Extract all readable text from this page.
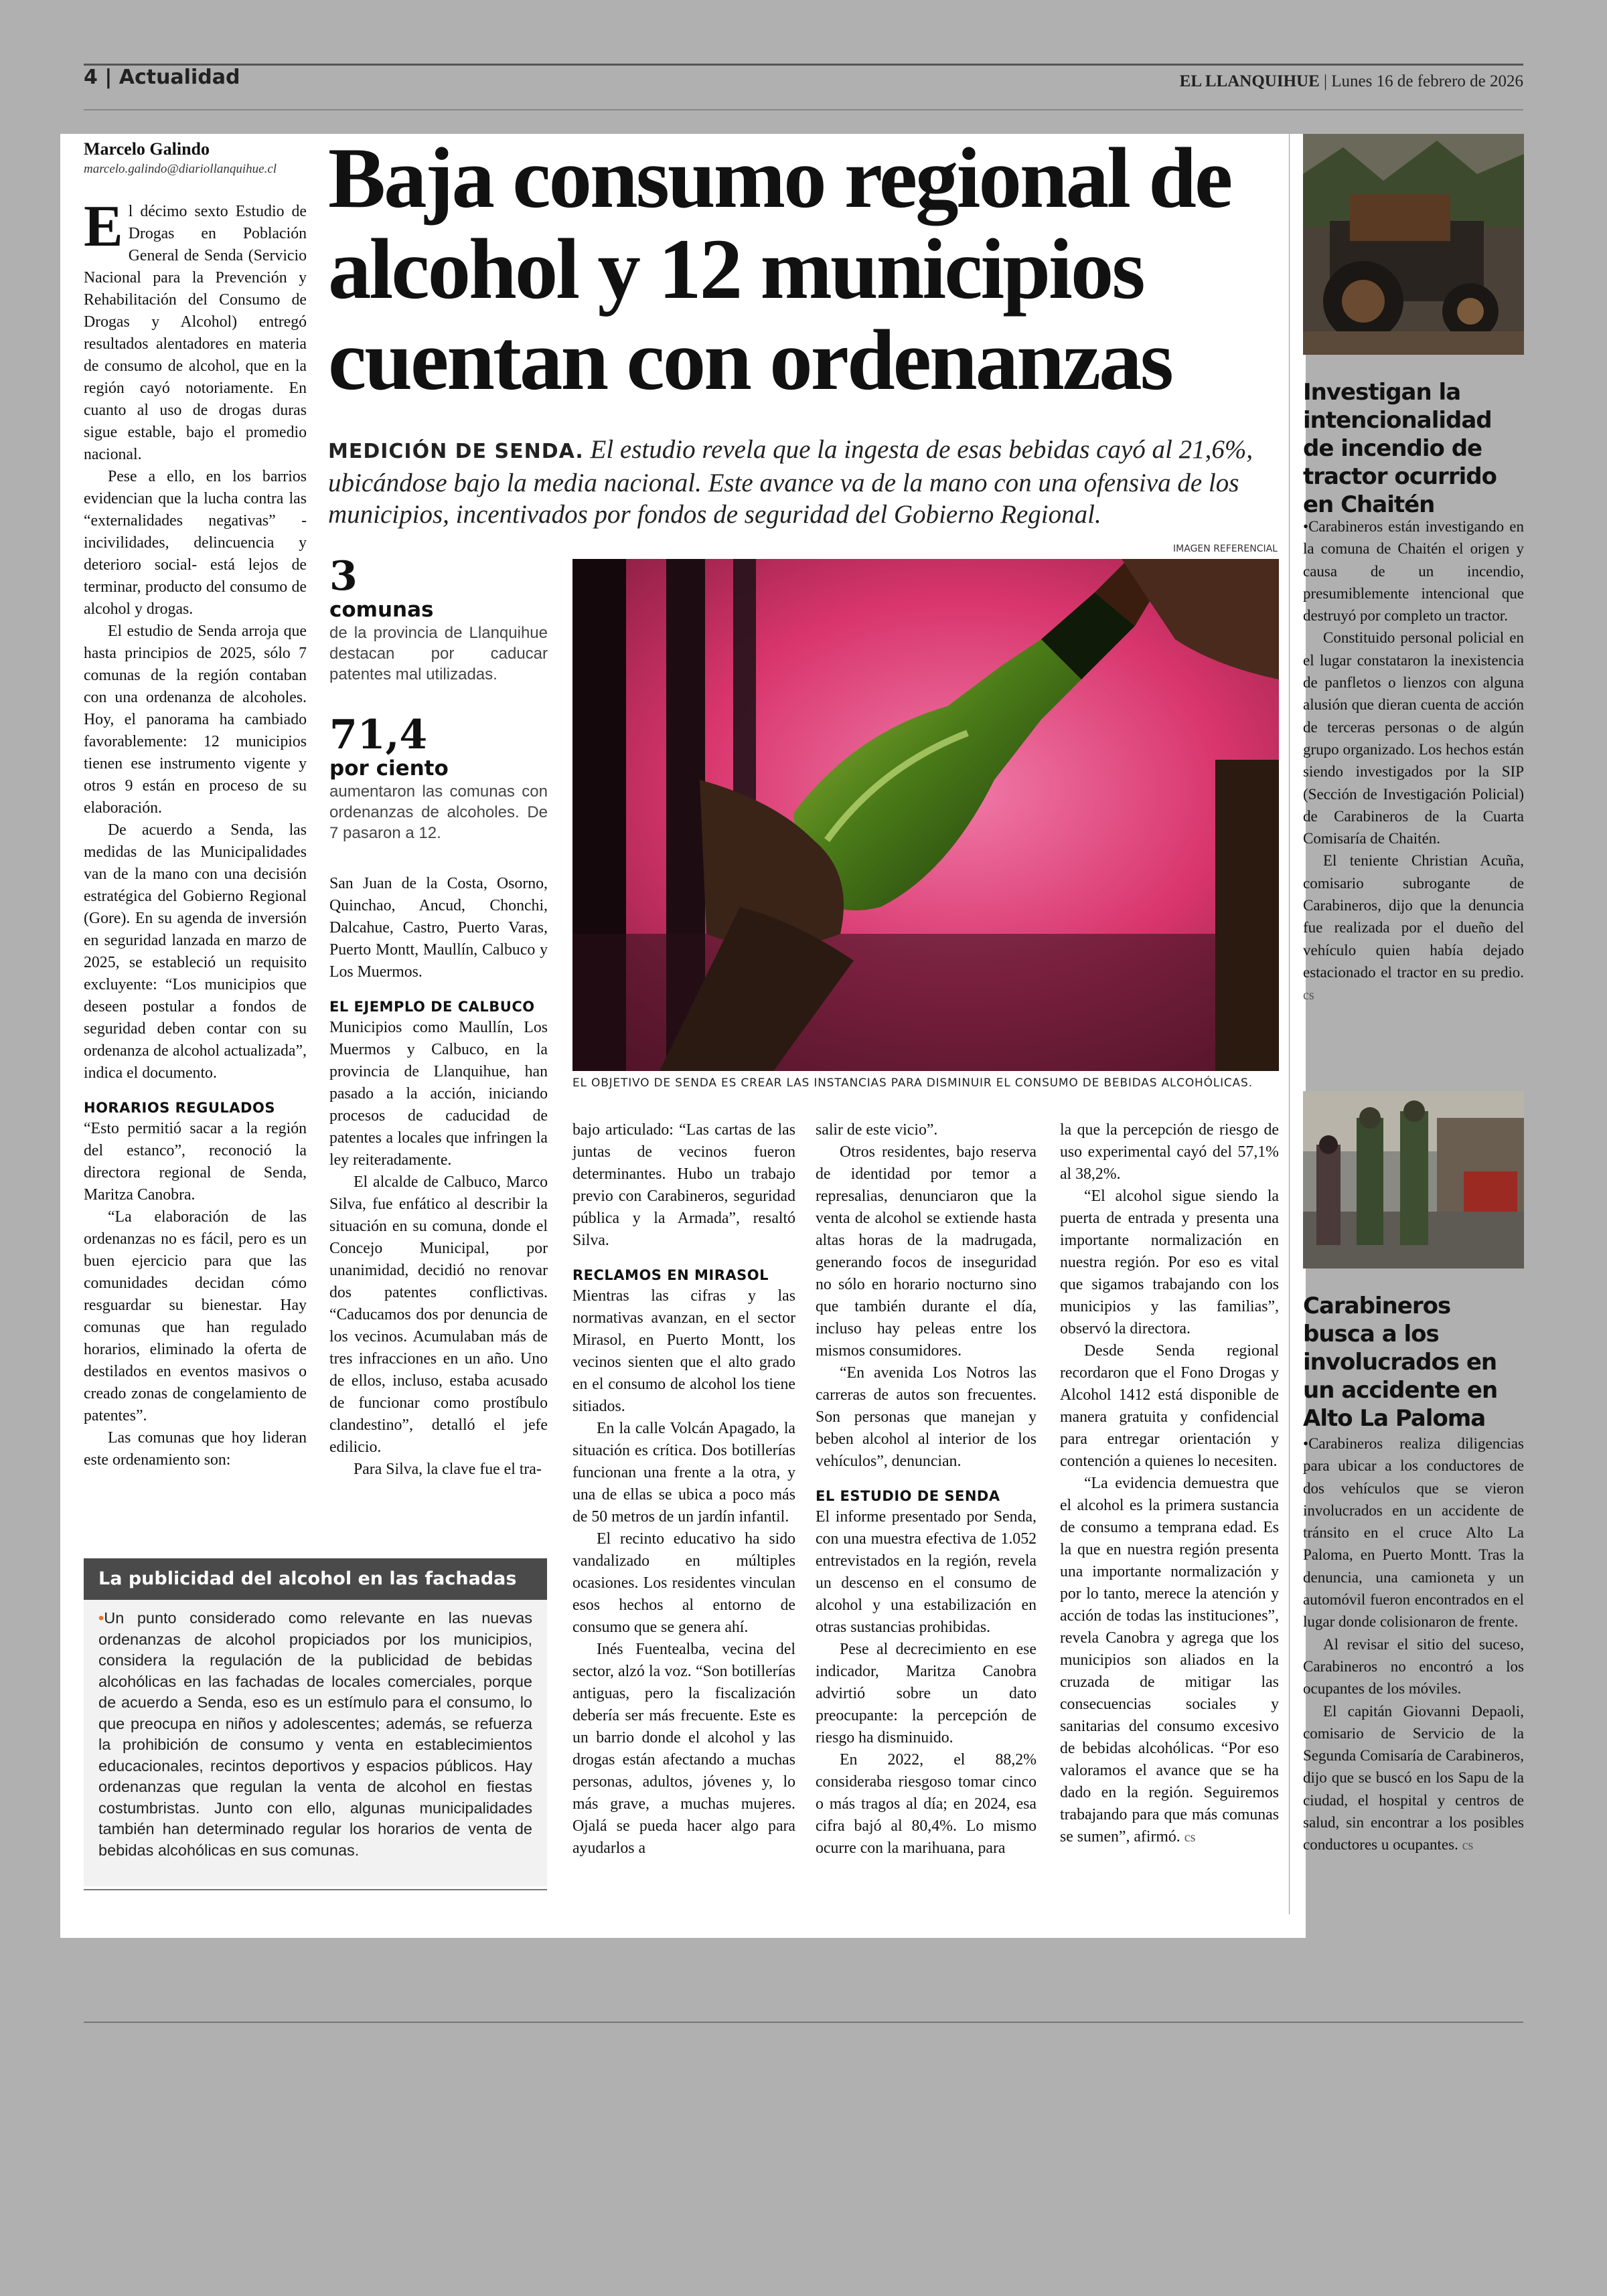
4 | Actualidad	EL LLANQUIHUE | Lunes 16 de febrero de 2026
Marcelo Galindo
marcelo.galindo@diariollanquihue.cl Baja consumo regional de alcohol y 12 municipios cuentan con ordenanzas
MEDICIÓN DE SENDA. El estudio revela que la ingesta de esas bebidas cayó al 21,6%, ubicándose bajo la media nacional. Este avance va de la mano con una ofensiva de los municipios, incentivados por fondos de seguridad del Gobierno Regional.

El décimo sexto Estudio de Drogas en Población General de Senda (Servicio Nacional para la Prevención y Rehabilitación del Consumo de Drogas y Alcohol) entregó resultados alentadores en materia de consumo de alcohol, que en la región cayó notoriamente. En cuanto al uso de drogas duras sigue estable, bajo el promedio nacional.

Pese a ello, en los barrios evidencian que la lucha contra las “externalidades negativas” -incivilidades, delincuencia y deterioro social- está lejos de terminar, producto del consumo de alcohol y drogas.

El estudio de Senda arroja que hasta principios de 2025, sólo 7 comunas de la región contaban con una ordenanza de alcoholes. Hoy, el panorama ha cambiado favorablemente: 12 municipios tienen ese instrumento vigente y otros 9 están en proceso de su elaboración.

De acuerdo a Senda, las medidas de las Municipalidades van de la mano con una decisión estratégica del Gobierno Regional (Gore). En su agenda de inversión en seguridad lanzada en marzo de 2025, se estableció un requisito excluyente: “Los municipios que deseen postular a fondos de seguridad deben contar con su ordenanza de alcohol actualizada”, indica el documento.

HORARIOS REGULADOS

“Esto permitió sacar a la región del estanco”, reconoció la directora regional de Senda, Maritza Canobra.

“La elaboración de las ordenanzas no es fácil, pero es un buen ejercicio para que las comunidades decidan cómo resguardar su bienestar. Hay comunas que han regulado horarios, eliminado la oferta de destilados en eventos masivos o creado zonas de congelamiento de patentes”.

Las comunas que hoy lideran este ordenamiento son:

3
comunas
de la provincia de Llanquihue destacan por caducar patentes mal utilizadas.
71,4
por ciento
aumentaron las comunas con ordenanzas de alcoholes. De 7 pasaron a 12.

San Juan de la Costa, Osorno, Quinchao, Ancud, Chonchi, Dalcahue, Castro, Puerto Varas, Puerto Montt, Maullín, Calbuco y Los Muermos.

EL EJEMPLO DE CALBUCO

Municipios como Maullín, Los Muermos y Calbuco, en la provincia de Llanquihue, han pasado a la acción, iniciando procesos de caducidad de patentes a locales que infringen la ley reiteradamente.

El alcalde de Calbuco, Marco Silva, fue enfático al describir la situación en su comuna, donde el Concejo Municipal, por unanimidad, decidió no renovar dos patentes conflictivas. “Caducamos dos por denuncia de los vecinos. Acumulaban más de tres infracciones en un año. Uno de ellos, incluso, estaba acusado de funcionar como prostíbulo clandestino”, detalló el jefe edilicio.

Para Silva, la clave fue el tra-

IMAGEN REFERENCIAL
EL OBJETIVO DE SENDA ES CREAR LAS INSTANCIAS PARA DISMINUIR EL CONSUMO DE BEBIDAS ALCOHÓLICAS.

bajo articulado: “Las cartas de las juntas de vecinos fueron determinantes. Hubo un trabajo previo con Carabineros, seguridad pública y la Armada”, resaltó Silva.

RECLAMOS EN MIRASOL

Mientras las cifras y las normativas avanzan, en el sector Mirasol, en Puerto Montt, los vecinos sienten que el alto grado en el consumo de alcohol los tiene sitiados.

En la calle Volcán Apagado, la situación es crítica. Dos botillerías funcionan una frente a la otra, y una de ellas se ubica a poco más de 50 metros de un jardín infantil.

El recinto educativo ha sido vandalizado en múltiples ocasiones. Los residentes vinculan esos hechos al entorno de consumo que se genera ahí.

Inés Fuentealba, vecina del sector, alzó la voz. “Son botillerías antiguas, pero la fiscalización debería ser más frecuente. Este es un barrio donde el alcohol y las drogas están afectando a muchas personas, adultos, jóvenes y, lo más grave, a muchas mujeres. Ojalá se pueda hacer algo para ayudarlos a

salir de este vicio”.

Otros residentes, bajo reserva de identidad por temor a represalias, denunciaron que la venta de alcohol se extiende hasta altas horas de la madrugada, generando focos de inseguridad no sólo en horario nocturno sino que también durante el día, incluso hay peleas entre los mismos consumidores.

“En avenida Los Notros las carreras de autos son frecuentes. Son personas que manejan y beben alcohol al interior de los vehículos”, denuncian.

EL ESTUDIO DE SENDA

El informe presentado por Senda, con una muestra efectiva de 1.052 entrevistados en la región, revela un descenso en el consumo de alcohol y una estabilización en otras sustancias prohibidas.

Pese al decrecimiento en ese indicador, Maritza Canobra advirtió sobre un dato preocupante: la percepción de riesgo ha disminuido.

En 2022, el 88,2% consideraba riesgoso tomar cinco o más tragos al día; en 2024, esa cifra bajó al 80,4%. Lo mismo ocurre con la marihuana, para

la que la percepción de riesgo de uso experimental cayó del 57,1% al 38,2%.

“El alcohol sigue siendo la puerta de entrada y presenta una importante normalización en nuestra región. Por eso es vital que sigamos trabajando con los municipios y las familias”, observó la directora.

Desde Senda regional recordaron que el Fono Drogas y Alcohol 1412 está disponible de manera gratuita y confidencial para entregar orientación y contención a quienes lo necesiten.

“La evidencia demuestra que el alcohol es la primera sustancia de consumo a temprana edad. Es la que en nuestra región presenta una importante normalización y por lo tanto, merece la atención y acción de todas las instituciones”, revela Canobra y agrega que los municipios son aliados en la cruzada de mitigar las consecuencias sociales y sanitarias del consumo excesivo de bebidas alcohólicas. “Por eso valoramos el avance que se ha dado en la región. Seguiremos trabajando para que más comunas se sumen”, afirmó. cs

La publicidad del alcohol en las fachadas
•Un punto considerado como relevante en las nuevas ordenanzas de alcohol propiciados por los municipios, considera la regulación de la publicidad de bebidas alcohólicas en las fachadas de locales comerciales, porque de acuerdo a Senda, eso es un estímulo para el consumo, lo que preocupa en niños y adolescentes; además, se refuerza la prohibición de consumo y venta en establecimientos educacionales, recintos deportivos y espacios públicos. Hay ordenanzas que regulan la venta de alcohol en fiestas costumbristas. Junto con ello, algunas municipalidades también han determinado regular los horarios de venta de bebidas alcohólicas en sus comunas.
Investigan la intencionalidad de incendio de tractor ocurrido en Chaitén

•Carabineros están investigando en la comuna de Chaitén el origen y causa de un incendio, presumiblemente intencional que destruyó por completo un tractor.

Constituido personal policial en el lugar constataron la inexistencia de panfletos o lienzos con alguna alusión que dieran cuenta de acción de terceras personas o de algún grupo organizado. Los hechos están siendo investigados por la SIP (Sección de Investigación Policial) de Carabineros de la Cuarta Comisaría de Chaitén.

El teniente Christian Acuña, comisario subrogante de Carabineros, dijo que la denuncia fue realizada por el dueño del vehículo quien había dejado estacionado el tractor en su predio. cs

Carabineros busca a los involucrados en un accidente en Alto La Paloma

•Carabineros realiza diligencias para ubicar a los conductores de dos vehículos que se vieron involucrados en un accidente de tránsito en el cruce Alto La Paloma, en Puerto Montt. Tras la denuncia, una camioneta y un automóvil fueron encontrados en el lugar donde colisionaron de frente.

Al revisar el sitio del suceso, Carabineros no encontró a los ocupantes de los móviles.

El capitán Giovanni Depaoli, comisario de Servicio de la Segunda Comisaría de Carabineros, dijo que se buscó en los Sapu de la ciudad, el hospital y centros de salud, sin encontrar a los posibles conductores u ocupantes. cs
